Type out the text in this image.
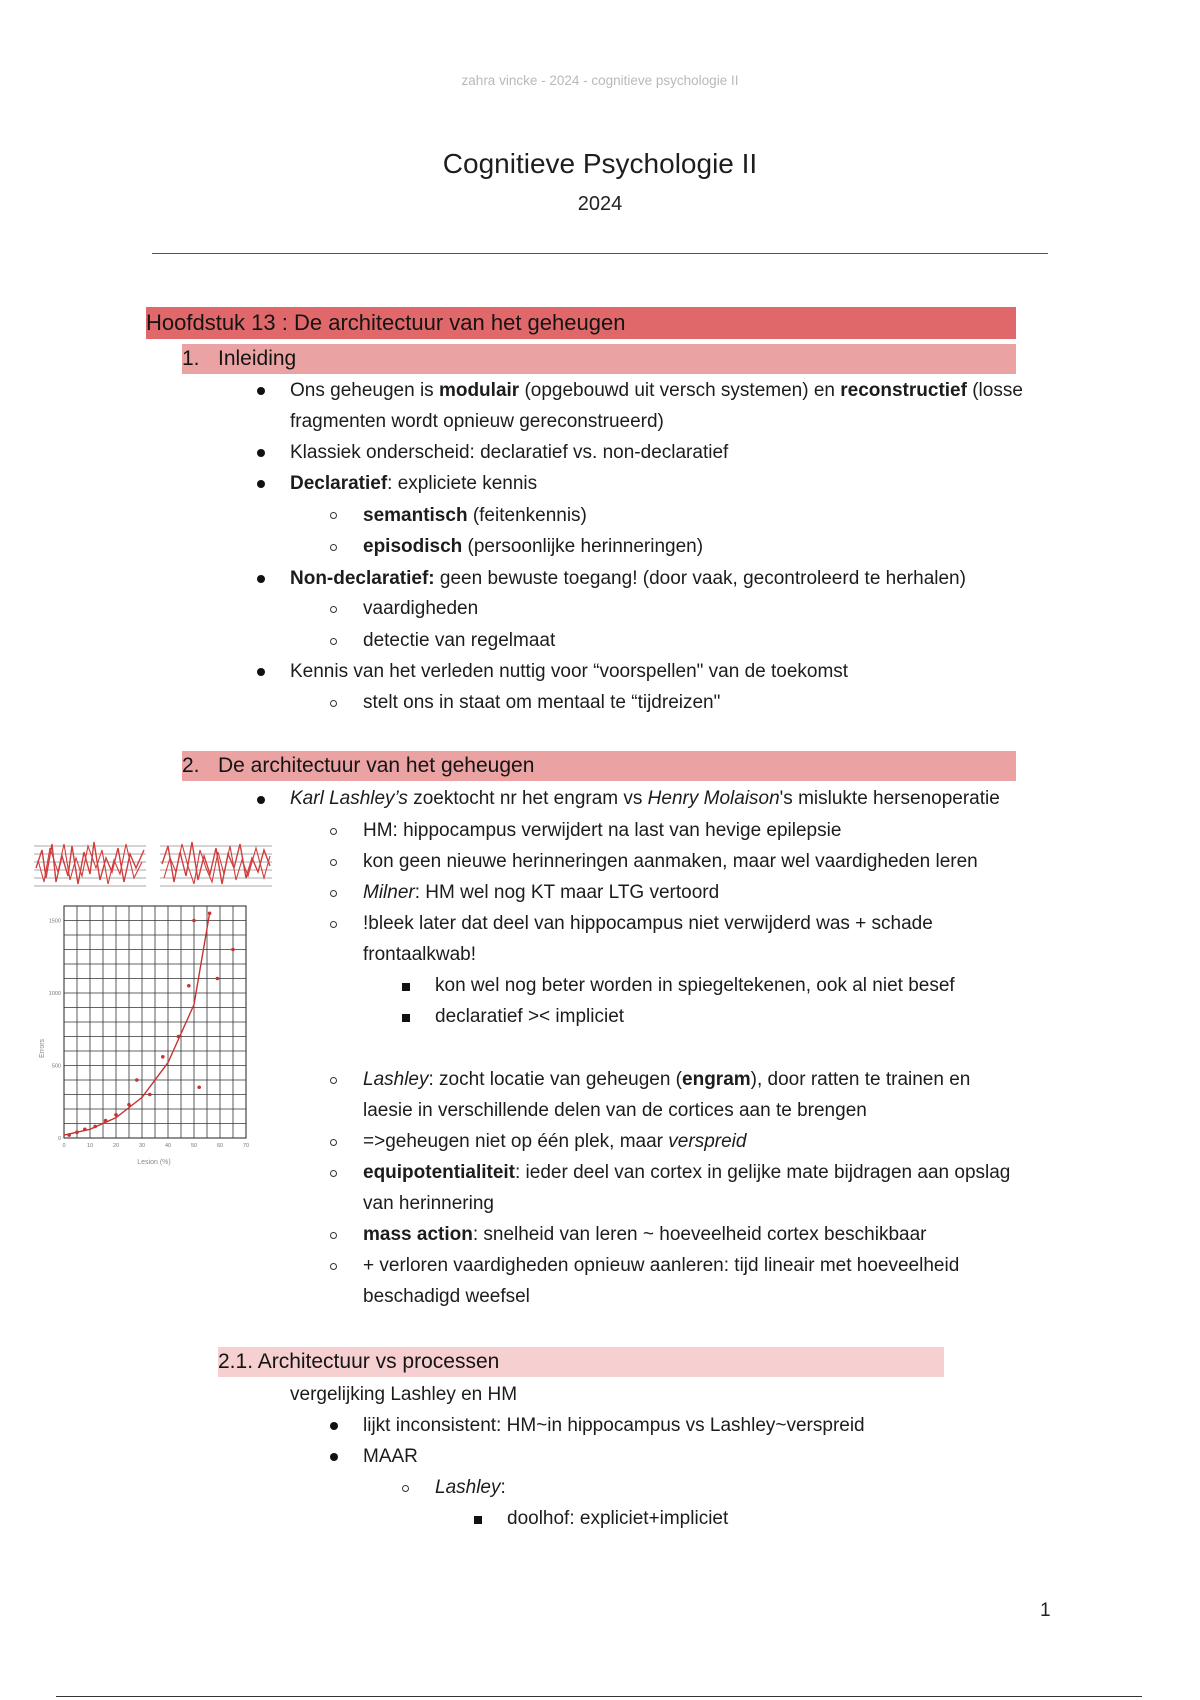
zahra vincke - 2024 - cognitieve psychologie II
Cognitieve Psychologie II
2024
Hoofdstuk 13 : De architectuur van het geheugen
1. Inleiding
Ons geheugen is modulair (opgebouwd uit versch systemen) en reconstructief (losse
fragmenten wordt opnieuw gereconstrueerd)
Klassiek onderscheid: declaratief vs. non-declaratief
Declaratief: expliciete kennis
semantisch (feitenkennis)
episodisch (persoonlijke herinneringen)
Non-declaratief: geen bewuste toegang! (door vaak, gecontroleerd te herhalen)
vaardigheden
detectie van regelmaat
Kennis van het verleden nuttig voor “voorspellen" van de toekomst
stelt ons in staat om mentaal te “tijdreizen"
2. De architectuur van het geheugen
Karl Lashley’s zoektocht nr het engram vs Henry Molaison's mislukte hersenoperatie
HM: hippocampus verwijdert na last van hevige epilepsie
kon geen nieuwe herinneringen aanmaken, maar wel vaardigheden leren
Milner: HM wel nog KT maar LTG vertoord
!bleek later dat deel van hippocampus niet verwijderd was + schade
frontaalkwab!
kon wel nog beter worden in spiegeltekenen, ook al niet besef
declaratief >< impliciet
Lashley: zocht locatie van geheugen (engram), door ratten te trainen en
laesie in verschillende delen van de cortices aan te brengen
=>geheugen niet op één plek, maar verspreid
equipotentialiteit: ieder deel van cortex in gelijke mate bijdragen aan opslag
van herinnering
mass action: snelheid van leren ~ hoeveelheid cortex beschikbaar
+ verloren vaardigheden opnieuw aanleren: tijd lineair met hoeveelheid
beschadigd weefsel
2.1. Architectuur vs processen
vergelijking Lashley en HM
lijkt inconsistent: HM~in hippocampus vs Lashley~verspreid
MAAR
Lashley:
doolhof: expliciet+impliciet
0
500
1000
1500
0	10	20	30	40	50	60	70
Errors
Lesion (%)
1
